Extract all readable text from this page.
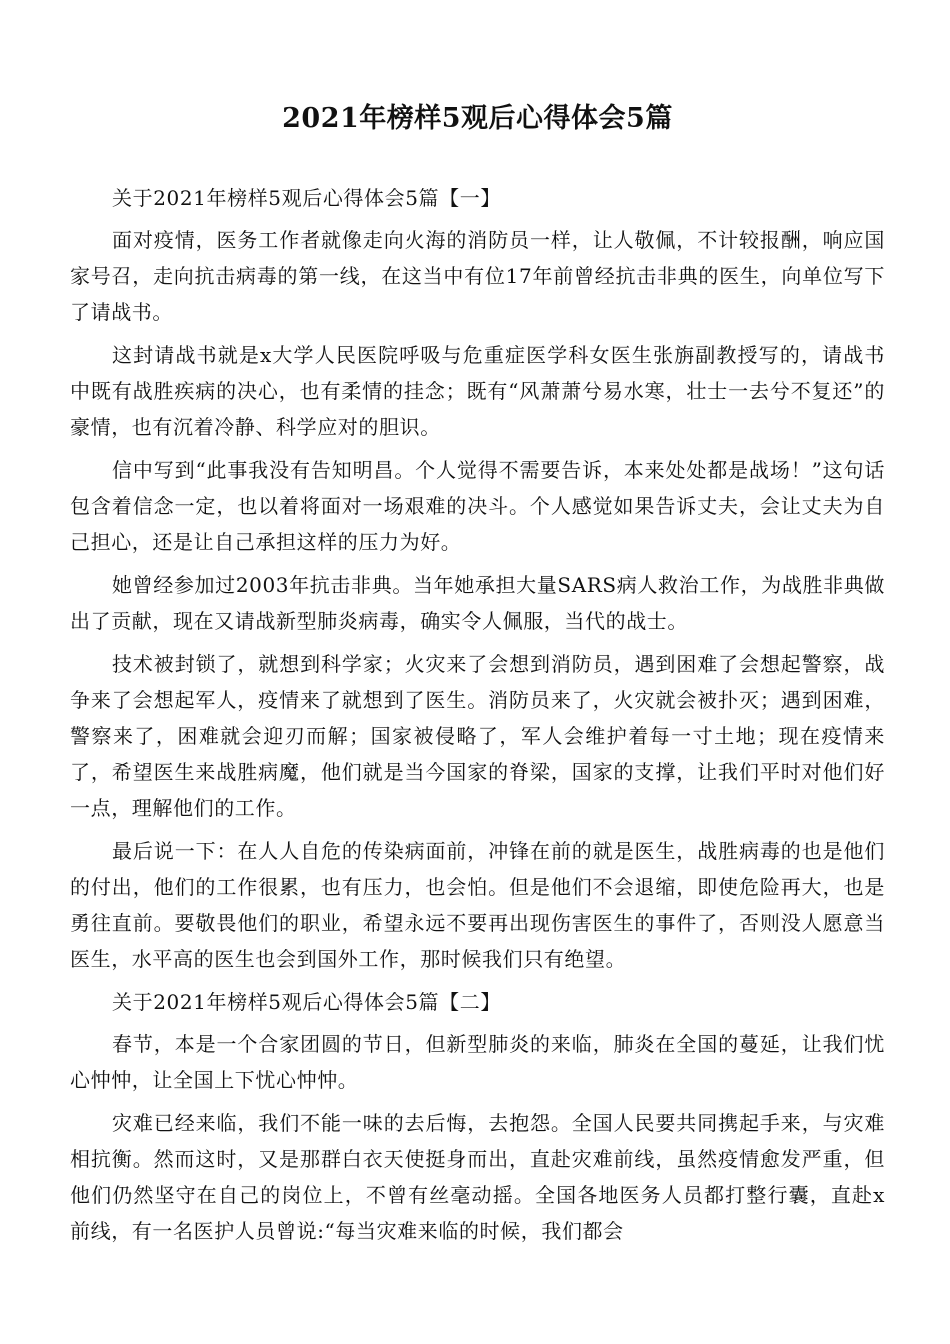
2021年榜样5观后心得体会5篇

关于2021年榜样5观后心得体会5篇【一】

面对疫情，医务工作者就像走向火海的消防员一样，让人敬佩，不计较报酬，响应国家号召，走向抗击病毒的第一线，在这当中有位17年前曾经抗击非典的医生，向单位写下了请战书。

这封请战书就是x大学人民医院呼吸与危重症医学科女医生张旃副教授写的，请战书中既有战胜疾病的决心，也有柔情的挂念；既有“风萧萧兮易水寒，壮士一去兮不复还”的豪情，也有沉着冷静、科学应对的胆识。

信中写到“此事我没有告知明昌。个人觉得不需要告诉，本来处处都是战场！”这句话包含着信念一定，也以着将面对一场艰难的决斗。个人感觉如果告诉丈夫，会让丈夫为自己担心，还是让自己承担这样的压力为好。

她曾经参加过2003年抗击非典。当年她承担大量SARS病人救治工作，为战胜非典做出了贡献，现在又请战新型肺炎病毒，确实令人佩服，当代的战士。

技术被封锁了，就想到科学家；火灾来了会想到消防员，遇到困难了会想起警察，战争来了会想起军人，疫情来了就想到了医生。消防员来了，火灾就会被扑灭；遇到困难，警察来了，困难就会迎刃而解；国家被侵略了，军人会维护着每一寸土地；现在疫情来了，希望医生来战胜病魔，他们就是当今国家的脊梁，国家的支撑，让我们平时对他们好一点，理解他们的工作。

最后说一下：在人人自危的传染病面前，冲锋在前的就是医生，战胜病毒的也是他们的付出，他们的工作很累，也有压力，也会怕。但是他们不会退缩，即使危险再大，也是勇往直前。要敬畏他们的职业，希望永远不要再出现伤害医生的事件了，否则没人愿意当医生，水平高的医生也会到国外工作，那时候我们只有绝望。

关于2021年榜样5观后心得体会5篇【二】

春节，本是一个合家团圆的节日，但新型肺炎的来临，肺炎在全国的蔓延，让我们忧心忡忡，让全国上下忧心忡忡。

灾难已经来临，我们不能一味的去后悔，去抱怨。全国人民要共同携起手来，与灾难相抗衡。然而这时，又是那群白衣天使挺身而出，直赴灾难前线，虽然疫情愈发严重，但他们仍然坚守在自己的岗位上，不曾有丝毫动摇。全国各地医务人员都打整行囊，直赴x前线，有一名医护人员曾说:“每当灾难来临的时候，我们都会
